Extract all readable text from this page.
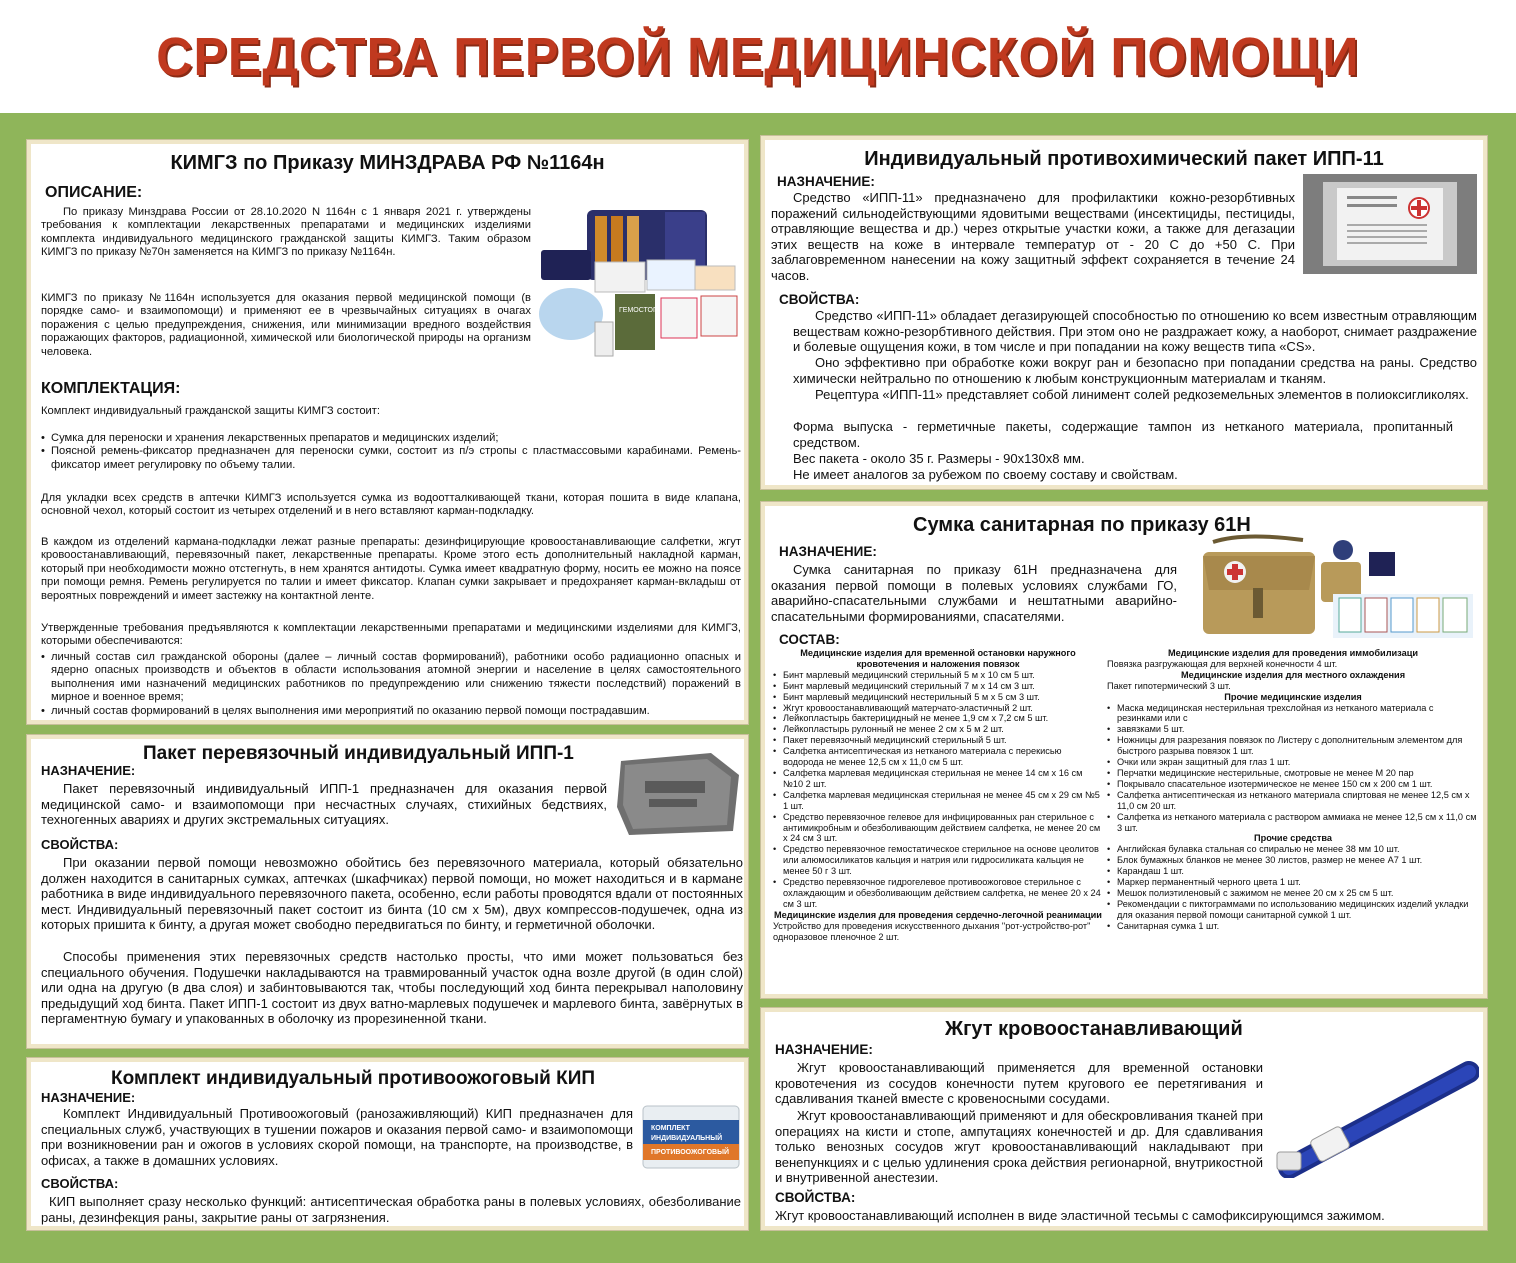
СРЕДСТВА ПЕРВОЙ МЕДИЦИНСКОЙ ПОМОЩИ
КИМГЗ по Приказу МИНЗДРАВА РФ №1164н
ОПИСАНИЕ:
По приказу Минздрава России от 28.10.2020 N 1164н с 1 января 2021 г. утверждены требования к комплектации лекарственных препаратами и медицинских изделиями комплекта индивидуального медицинского гражданской защиты КИМГЗ. Таким образом КИМГЗ по приказу №70н заменяется на КИМГЗ по приказу №1164н.
КИМГЗ по приказу №1164н используется для оказания первой медицинской помощи (в порядке само- и взаимопомощи) и применяют ее в чрезвычайных ситуациях в очагах поражения с целью предупреждения, снижения, или минимизации вредного воздействия поражающих факторов, радиационной, химической или биологической природы на организм человека.
ГЕМОСТОП
КОМПЛЕКТАЦИЯ:
Комплект индивидуальный гражданской защиты КИМГЗ состоит:
• Сумка для переноски и хранения лекарственных препаратов и медицинских изделий;
• Поясной ремень-фиксатор предназначен для переноски сумки, состоит из п/э стропы с пластмассовыми карабинами. Ремень-фиксатор имеет регулировку по объему талии.
Для укладки всех средств в аптечки КИМГЗ используется сумка из водоотталкивающей ткани, которая пошита в виде клапана, основной чехол, который состоит из четырех отделений и в него вставляют карман-подкладку.
В каждом из отделений кармана-подкладки лежат разные препараты: дезинфицирующие кровоостанавливающие салфетки, жгут кровоостанавливающий, перевязочный пакет, лекарственные препараты. Кроме этого есть дополнительный накладной карман, который при необходимости можно отстегнуть, в нем хранятся антидоты. Сумка имеет квадратную форму, носить ее можно на поясе при помощи ремня. Ремень регулируется по талии и имеет фиксатор. Клапан сумки закрывает и предохраняет карман-вкладыш от вероятных повреждений и имеет застежку на контактной ленте.
Утвержденные требования предъявляются к комплектации лекарственными препаратами и медицинскими изделиями для КИМГЗ, которыми обеспечиваются:
• личный состав сил гражданской обороны (далее – личный состав формирований), работники особо радиационно опасных и ядерно опасных производств и объектов в области использования атомной энергии и население в целях самостоятельного выполнения ими назначений медицинских работников по предупреждению или снижению тяжести последствий) поражений в мирное и военное время;
• личный состав формирований в целях выполнения ими мероприятий по оказанию первой помощи пострадавшим.
Пакет перевязочный индивидуальный ИПП-1
НАЗНАЧЕНИЕ:
Пакет перевязочный индивидуальный ИПП-1 предназначен для оказания первой медицинской само- и взаимопомощи при несчастных случаях, стихийных бедствиях, техногенных авариях и других экстремальных ситуациях.
СВОЙСТВА:
При оказании первой помощи невозможно обойтись без перевязочного материала, который обязательно должен находится в санитарных сумках, аптечках (шкафчиках) первой помощи, но может находиться и в кармане работника в виде индивидуального перевязочного пакета, особенно, если работы проводятся вдали от постоянных мест. Индивидуальный перевязочный пакет состоит из бинта (10 см х 5м), двух компрессов-подушечек, одна из которых пришита к бинту, а другая может свободно передвигаться по бинту, и герметичной оболочки.
Способы применения этих перевязочных средств настолько просты, что ими может пользоваться без специального обучения. Подушечки накладываются на травмированный участок одна возле другой (в один слой) или одна на другую (в два слоя) и забинтовываются так, чтобы последующий ход бинта перекрывал наполовину предыдущий ход бинта. Пакет ИПП-1 состоит из двух ватно-марлевых подушечек и марлевого бинта, завёрнутых в пергаментную бумагу и упакованных в оболочку из прорезиненной ткани.
Комплект индивидуальный противоожоговый КИП
НАЗНАЧЕНИЕ:
Комплект Индивидуальный Противоожоговый (ранозаживляющий) КИП предназначен для специальных служб, участвующих в тушении пожаров и оказания первой само- и взаимопомощи при возникновении ран и ожогов в условиях скорой помощи, на транспорте, на производстве, в офисах, а также в домашних условиях.
КОМПЛЕКТ
ИНДИВИДУАЛЬНЫЙ
ПРОТИВООЖОГОВЫЙ
СВОЙСТВА:
КИП выполняет сразу несколько функций: антисептическая обработка раны в полевых условиях, обезболивание раны, дезинфекция раны, закрытие раны от загрязнения.
Индивидуальный противохимический пакет ИПП-11
НАЗНАЧЕНИЕ:
Средство «ИПП-11» предназначено для профилактики кожно-резорбтивных поражений сильнодействующими ядовитыми веществами (инсектициды, пестициды, отравляющие вещества и др.) через открытые участки кожи, а также для дегазации этих веществ на коже в интервале температур от - 20 С до +50 С. При заблаговременном нанесении на кожу защитный эффект сохраняется в течение 24 часов.
СВОЙСТВА:
Средство «ИПП-11» обладает дегазирующей способностью по отношению ко всем известным отравляющим веществам кожно-резорбтивного действия. При этом оно не раздражает кожу, а наоборот, снимает раздражение и болевые ощущения кожи, в том числе и при попадании на кожу веществ типа «CS».
Оно эффективно при обработке кожи вокруг ран и безопасно при попадании средства на раны. Средство химически нейтрально по отношению к любым конструкционным материалам и тканям.
Рецептура «ИПП-11» представляет собой линимент солей редкоземельных элементов в полиоксигликолях.
Форма выпуска - герметичные пакеты, содержащие тампон из нетканого материала, пропитанный средством.
Вес пакета - около 35 г. Размеры - 90х130х8 мм.
Не имеет аналогов за рубежом по своему составу и свойствам.
Сумка санитарная по приказу 61Н
НАЗНАЧЕНИЕ:
Сумка санитарная по приказу 61Н предназначена для оказания первой помощи в полевых условиях службами ГО, аварийно-спасательными службами и нештатными аварийно-спасательными формированиями, спасателями.
СОСТАВ:
Медицинские изделия для временной остановки наружного кровотечения и наложения повязок
• Бинт марлевый медицинский стерильный 5 м х 10 см 5 шт.
• Бинт марлевый медицинский стерильный 7 м х 14 см 3 шт.
• Бинт марлевый медицинский нестерильный 5 м х 5 см 3 шт.
• Жгут кровоостанавливающий матерчато-эластичный 2 шт.
• Лейкопластырь бактерицидный не менее 1,9 см х 7,2 см 5 шт.
• Лейкопластырь рулонный не менее 2 см х 5 м 2 шт.
• Пакет перевязочный медицинский стерильный 5 шт.
• Салфетка антисептическая из нетканого материала с перекисью водорода не менее 12,5 см х 11,0 см 5 шт.
• Салфетка марлевая медицинская стерильная не менее 14 см х 16 см №10 2 шт.
• Салфетка марлевая медицинская стерильная не менее 45 см х 29 см №5 1 шт.
• Средство перевязочное гелевое для инфицированных ран стерильное с антимикробным и обезболивающим действием салфетка, не менее 20 см х 24 см 3 шт.
• Средство перевязочное гемостатическое стерильное на основе цеолитов или алюмосиликатов кальция и натрия или гидросиликата кальция не менее 50 г 3 шт.
• Средство перевязочное гидрогелевое противоожоговое стерильное с охлаждающим и обезболивающим действием салфетка, не менее 20 х 24 см 3 шт.
Медицинские изделия для проведения сердечно-легочной реанимации
Устройство для проведения искусственного дыхания "рот-устройство-рот" одноразовое пленочное 2 шт.
Медицинские изделия для проведения иммобилизаци
Повязка разгружающая для верхней конечности 4 шт.
Медицинские изделия для местного охлаждения
Пакет гипотермический 3 шт.
Прочие медицинские изделия
• Маска медицинская нестерильная трехслойная из нетканого материала с резинками или с
• завязками 5 шт.
• Ножницы для разрезания повязок по Листеру с дополнительным элементом для быстрого разрыва повязок 1 шт.
• Очки или экран защитный для глаз 1 шт.
• Перчатки медицинские нестерильные, смотровые не менее M 20 пар
• Покрывало спасательное изотермическое не менее 150 см х 200 см 1 шт.
• Салфетка антисептическая из нетканого материала спиртовая не менее 12,5 см х 11,0 см 20 шт.
• Салфетка из нетканого материала с раствором аммиака не менее 12,5 см х 11,0 см 3 шт.
Прочие средства
• Английская булавка стальная со спиралью не менее 38 мм 10 шт.
• Блок бумажных бланков не менее 30 листов, размер не менее А7 1 шт.
• Карандаш 1 шт.
• Маркер перманентный черного цвета 1 шт.
• Мешок полиэтиленовый с зажимом не менее 20 см х 25 см 5 шт.
• Рекомендации с пиктограммами по использованию медицинских изделий укладки для оказания первой помощи санитарной сумкой 1 шт.
• Санитарная сумка 1 шт.
Жгут кровоостанавливающий
НАЗНАЧЕНИЕ:
Жгут кровоостанавливающий применяется для временной остановки кровотечения из сосудов конечности путем кругового ее перетягивания и сдавливания тканей вместе с кровеносными сосудами.
Жгут кровоостанавливающий применяют и для обескровливания тканей при операциях на кисти и стопе, ампутациях конечностей и др. Для сдавливания только венозных сосудов жгут кровоостанавливающий накладывают при венепункциях и с целью удлинения срока действия регионарной, внутрикостной и внутривенной анестезии.
СВОЙСТВА:
Жгут кровоостанавливающий исполнен в виде эластичной тесьмы с самофиксирующимся зажимом.
